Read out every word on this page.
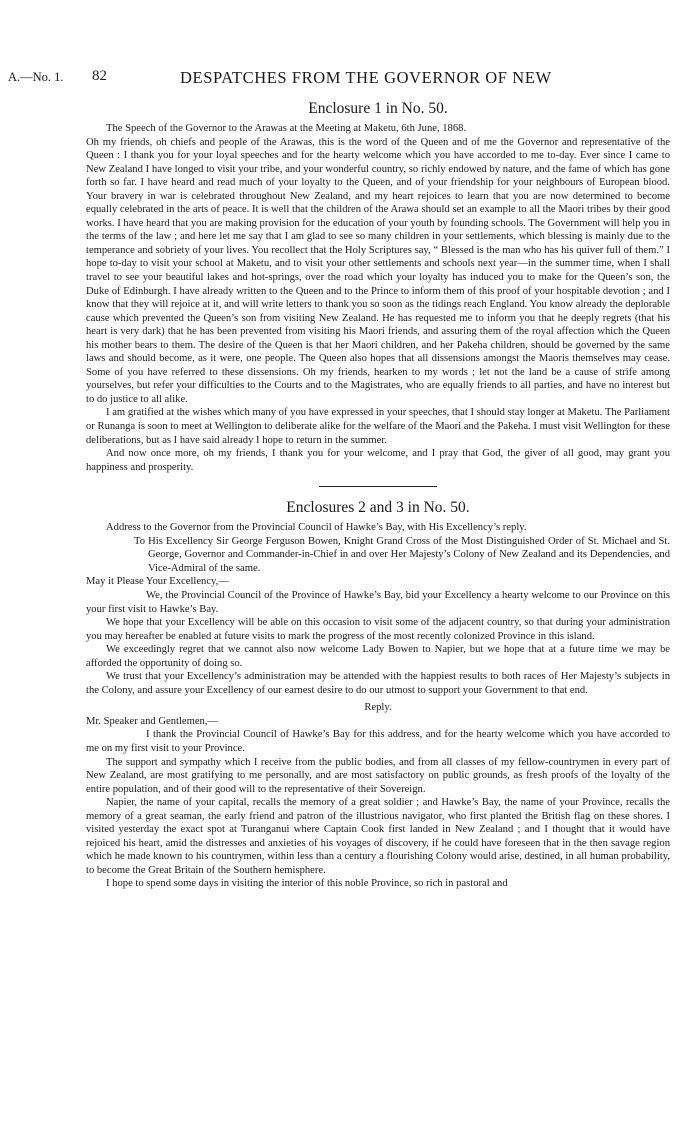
A.—No. 1. 82	DESPATCHES FROM THE GOVERNOR OF NEW
Enclosure 1 in No. 50.

The Speech of the Governor to the Arawas at the Meeting at Maketu, 6th June, 1868.

Oh my friends, oh chiefs and people of the Arawas, this is the word of the Queen and of me the Governor and representative of the Queen : I thank you for your loyal speeches and for the hearty welcome which you have accorded to me to-day. Ever since I came to New Zealand I have longed to visit your tribe, and your wonderful country, so richly endowed by nature, and the fame of which has gone forth so far. I have heard and read much of your loyalty to the Queen, and of your friendship for your neighbours of European blood. Your bravery in war is celebrated throughout New Zealand, and my heart rejoices to learn that you are now determined to become equally celebrated in the arts of peace. It is well that the children of the Arawa should set an example to all the Maori tribes by their good works. I have heard that you are making provision for the education of your youth by founding schools. The Government will help you in the terms of the law ; and here let me say that I am glad to see so many children in your settlements, which blessing is mainly due to the temperance and sobriety of your lives. You recollect that the Holy Scriptures say, “ Blessed is the man who has his quiver full of them.” I hope to-day to visit your school at Maketu, and to visit your other settlements and schools next year—in the summer time, when I shall travel to see your beautiful lakes and hot-springs, over the road which your loyalty has induced you to make for the Queen’s son, the Duke of Edinburgh. I have already written to the Queen and to the Prince to inform them of this proof of your hospitable devotion ; and I know that they will rejoice at it, and will write letters to thank you so soon as the tidings reach England. You know already the deplorable cause which prevented the Queen’s son from visiting New Zealand. He has requested me to inform you that he deeply regrets (that his heart is very dark) that he has been prevented from visiting his Maori friends, and assuring them of the royal affection which the Queen his mother bears to them. The desire of the Queen is that her Maori children, and her Pakeha children, should be governed by the same laws and should become, as it were, one people. The Queen also hopes that all dissensions amongst the Maoris themselves may cease. Some of you have referred to these dissensions. Oh my friends, hearken to my words ; let not the land be a cause of strife among yourselves, but refer your difficulties to the Courts and to the Magistrates, who are equally friends to all parties, and have no interest but to do justice to all alike.

I am gratified at the wishes which many of you have expressed in your speeches, that I should stay longer at Maketu. The Parliament or Runanga is soon to meet at Wellington to deliberate alike for the welfare of the Maori and the Pakeha. I must visit Wellington for these deliberations, but as I have said already I hope to return in the summer.

And now once more, oh my friends, I thank you for your welcome, and I pray that God, the giver of all good, may grant you happiness and prosperity.

Enclosures 2 and 3 in No. 50.

Address to the Governor from the Provincial Council of Hawke’s Bay, with His Excellency’s reply.

To His Excellency Sir George Ferguson Bowen, Knight Grand Cross of the Most Distinguished Order of St. Michael and St. George, Governor and Commander-in-Chief in and over Her Majesty’s Colony of New Zealand and its Dependencies, and Vice-Admiral of the same.

May it Please Your Excellency,—

We, the Provincial Council of the Province of Hawke’s Bay, bid your Excellency a hearty welcome to our Province on this your first visit to Hawke’s Bay.

We hope that your Excellency will be able on this occasion to visit some of the adjacent country, so that during your administration you may hereafter be enabled at future visits to mark the progress of the most recently colonized Province in this island.

We exceedingly regret that we cannot also now welcome Lady Bowen to Napier, but we hope that at a future time we may be afforded the opportunity of doing so.

We trust that your Excellency’s administration may be attended with the happiest results to both races of Her Majesty’s subjects in the Colony, and assure your Excellency of our earnest desire to do our utmost to support your Government to that end.

Reply.

Mr. Speaker and Gentlemen,—

I thank the Provincial Council of Hawke’s Bay for this address, and for the hearty welcome which you have accorded to me on my first visit to your Province.

The support and sympathy which I receive from the public bodies, and from all classes of my fellow-countrymen in every part of New Zealand, are most gratifying to me personally, and are most satisfactory on public grounds, as fresh proofs of the loyalty of the entire population, and of their good will to the representative of their Sovereign.

Napier, the name of your capital, recalls the memory of a great soldier ; and Hawke’s Bay, the name of your Province, recalls the memory of a great seaman, the early friend and patron of the illustrious navigator, who first planted the British flag on these shores. I visited yesterday the exact spot at Turanganui where Captain Cook first landed in New Zealand ; and I thought that it would have rejoiced his heart, amid the distresses and anxieties of his voyages of discovery, if he could have foreseen that in the then savage region which he made known to his countrymen, within less than a century a flourishing Colony would arise, destined, in all human probability, to become the Great Britain of the Southern hemisphere.

I hope to spend some days in visiting the interior of this noble Province, so rich in pastoral and
